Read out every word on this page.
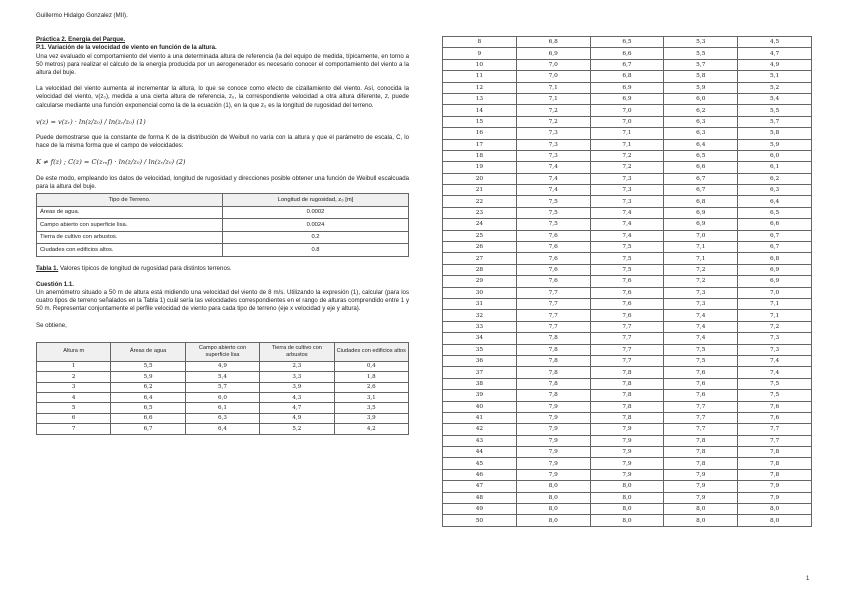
Guillermo Hidalgo Gonzalez (MII).

Práctica 2. Energía del Parque.

P.1. Variación de la velocidad de viento en función de la altura.

Una vez evaluado el comportamiento del viento a una determinada altura de referencia (la del equipo de medida, típicamente, en torno a 50 metros) para realizar el cálculo de la energía producida por un aerogenerador es necesario conocer el comportamiento del viento a la altura del buje.

La velocidad del viento aumenta al incrementar la altura, lo que se conoce como efecto de cizallamiento del viento. Así, conocida la velocidad del viento, v(z₀), medida a una cierta altura de referencia, z₀, la correspondiente velocidad a otra altura diferente, z, puede calcularse mediante una función exponencial como la de la ecuación (1), en la que z₀ es la longitud de rugosidad del terreno.

v(z) = v(zᵣ) · ln(z/z₀) / ln(zᵣ/z₀) (1)

Puede demostrarse que la constante de forma K de la distribución de Weibull no varía con la altura y que el parámetro de escala, C, lo hace de la misma forma que el campo de velocidades:

K ≠ f(z) ; C(z) = C(zᵣₑf) · ln(z/z₀) / ln(zᵣ/z₀) (2)

De este modo, empleando los datos de velocidad, longitud de rugosidad y direcciones posible obtener una función de Weibull escalcuada para la altura del buje.

Tipo de Terreno.	Longitud de rugosidad, z₀ [m]
Áreas de agua.	0.0002
Campo abierto con superficie lisa.	0.0024
Tierra de cultivo con arbustos.	0.2
Ciudades con edificios altos.	0.8

Tabla 1. Valores típicos de longitud de rugosidad para distintos terrenos.

Cuestión 1.1.

Un anemómetro situado a 50 m de altura está midiendo una velocidad del viento de 8 m/s. Utilizando la expresión (1), calcular (para los cuatro tipos de terreno señalados en la Tabla 1) cuál sería las velocidades correspondientes en el rango de alturas comprendido entre 1 y 50 m. Representar conjuntamente el perfile velocidad de viento para cada tipo de terreno (eje x velocidad y eje y altura).

Se obtiene,

Altura m	Áreas de agua	Campo abierto con superficie lisa	Tierra de cultivo con arbustos	Ciudades con edificios altos
1	5,5	4,9	2,3	0,4
2	5,9	5,4	3,3	1,8
3	6,2	5,7	3,9	2,6
4	6,4	6,0	4,3	3,1
5	6,5	6,1	4,7	3,5
6	6,6	6,3	4,9	3,9
7	6,7	6,4	5,2	4,2
8	6,8	6,5	5,3	4,5
9	6,9	6,6	5,5	4,7
10	7,0	6,7	5,7	4,9
11	7,0	6,8	5,8	5,1
12	7,1	6,9	5,9	5,2
13	7,1	6,9	6,0	5,4
14	7,2	7,0	6,2	5,5
15	7,2	7,0	6,3	5,7
16	7,3	7,1	6,3	5,8
17	7,3	7,1	6,4	5,9
18	7,3	7,2	6,5	6,0
19	7,4	7,2	6,6	6,1
20	7,4	7,3	6,7	6,2
21	7,4	7,3	6,7	6,3
22	7,5	7,3	6,8	6,4
23	7,5	7,4	6,9	6,5
24	7,5	7,4	6,9	6,6
25	7,6	7,4	7,0	6,7
26	7,6	7,5	7,1	6,7
27	7,6	7,5	7,1	6,8
28	7,6	7,5	7,2	6,9
29	7,6	7,6	7,2	6,9
30	7,7	7,6	7,3	7,0
31	7,7	7,6	7,3	7,1
32	7,7	7,6	7,4	7,1
33	7,7	7,7	7,4	7,2
34	7,8	7,7	7,4	7,3
35	7,8	7,7	7,5	7,3
36	7,8	7,7	7,5	7,4
37	7,8	7,8	7,6	7,4
38	7,8	7,8	7,6	7,5
39	7,8	7,8	7,6	7,5
40	7,9	7,8	7,7	7,6
41	7,9	7,8	7,7	7,6
42	7,9	7,9	7,7	7,7
43	7,9	7,9	7,8	7,7
44	7,9	7,9	7,8	7,8
45	7,9	7,9	7,8	7,8
46	7,9	7,9	7,9	7,8
47	8,0	8,0	7,9	7,9
48	8,0	8,0	7,9	7,9
49	8,0	8,0	8,0	8,0
50	8,0	8,0	8,0	8,0
1
